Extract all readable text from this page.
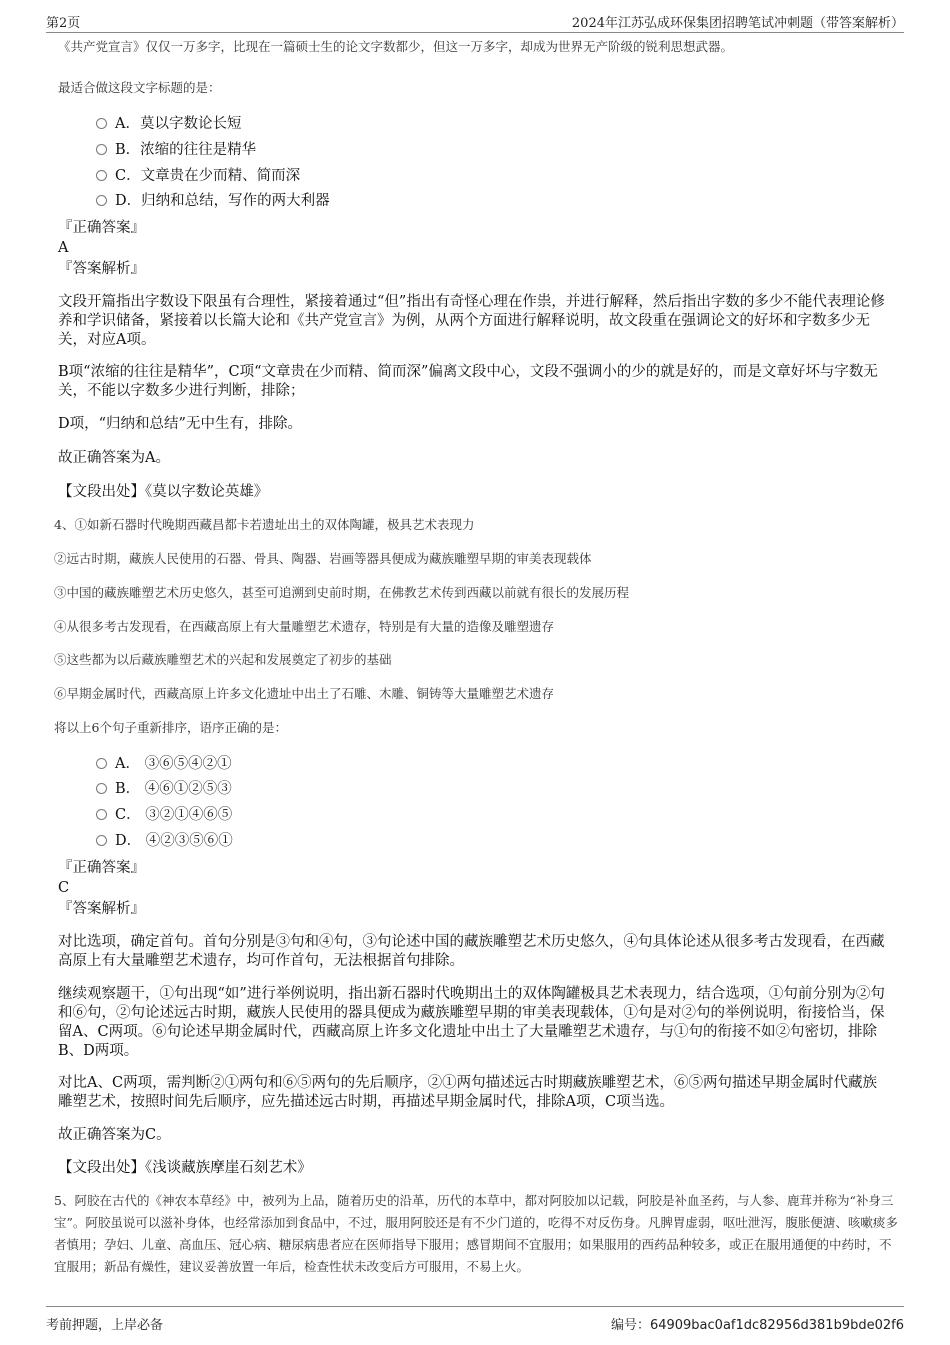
第2页	2024年江苏弘成环保集团招聘笔试冲刺题（带答案解析）
《共产党宣言》仅仅一万多字，比现在一篇硕士生的论文字数都少，但这一万多字，却成为世界无产阶级的锐利思想武器。
最适合做这段文字标题的是：
A．莫以字数论长短
B．浓缩的往往是精华
C．文章贵在少而精、简而深
D．归纳和总结，写作的两大利器
『正确答案』
A
『答案解析』
文段开篇指出字数设下限虽有合理性，紧接着通过“但”指出有奇怪心理在作祟，并进行解释，然后指出字数的多少不能代表理论修养和学识储备，紧接着以长篇大论和《共产党宣言》为例，从两个方面进行解释说明，故文段重在强调论文的好坏和字数多少无关，对应A项。
B项“浓缩的往往是精华”，C项“文章贵在少而精、简而深”偏离文段中心，文段不强调小的少的就是好的，而是文章好坏与字数无关，不能以字数多少进行判断，排除；
D项，“归纳和总结”无中生有，排除。
故正确答案为A。
【文段出处】《莫以字数论英雄》
4、①如新石器时代晚期西藏昌都卡若遗址出土的双体陶罐，极具艺术表现力
②远古时期，藏族人民使用的石器、骨具、陶器、岩画等器具便成为藏族雕塑早期的审美表现载体
③中国的藏族雕塑艺术历史悠久，甚至可追溯到史前时期，在佛教艺术传到西藏以前就有很长的发展历程
④从很多考古发现看，在西藏高原上有大量雕塑艺术遗存，特别是有大量的造像及雕塑遗存
⑤这些都为以后藏族雕塑艺术的兴起和发展奠定了初步的基础
⑥早期金属时代，西藏高原上许多文化遗址中出土了石雕、木雕、铜铸等大量雕塑艺术遗存
将以上6个句子重新排序，语序正确的是：
A． ③⑥⑤④②①
B． ④⑥①②⑤③
C． ③②①④⑥⑤
D． ④②③⑤⑥①
『正确答案』
C
『答案解析』
对比选项，确定首句。首句分别是③句和④句，③句论述中国的藏族雕塑艺术历史悠久，④句具体论述从很多考古发现看，在西藏高原上有大量雕塑艺术遗存，均可作首句，无法根据首句排除。
继续观察题干，①句出现“如”进行举例说明，指出新石器时代晚期出土的双体陶罐极具艺术表现力，结合选项，①句前分别为②句和⑥句，②句论述远古时期，藏族人民使用的器具便成为藏族雕塑早期的审美表现载体，①句是对②句的举例说明，衔接恰当，保留A、C两项。⑥句论述早期金属时代，西藏高原上许多文化遗址中出土了大量雕塑艺术遗存，与①句的衔接不如②句密切，排除B、D两项。
对比A、C两项，需判断②①两句和⑥⑤两句的先后顺序，②①两句描述远古时期藏族雕塑艺术，⑥⑤两句描述早期金属时代藏族雕塑艺术，按照时间先后顺序，应先描述远古时期，再描述早期金属时代，排除A项，C项当选。
故正确答案为C。
【文段出处】《浅谈藏族摩崖石刻艺术》
5、阿胶在古代的《神农本草经》中，被列为上品，随着历史的沿革，历代的本草中，都对阿胶加以记载，阿胶是补血圣药，与人参、鹿茸并称为“补身三宝”。阿胶虽说可以滋补身体，也经常添加到食品中，不过，服用阿胶还是有不少门道的，吃得不对反伤身。凡脾胃虚弱，呕吐泄泻，腹胀便溏、咳嗽痰多者慎用；孕妇、儿童、高血压、冠心病、糖尿病患者应在医师指导下服用；感冒期间不宜服用；如果服用的西药品种较多，或正在服用通便的中药时，不宜服用；新品有燥性，建议妥善放置一年后，检查性状未改变后方可服用，不易上火。
考前押题，上岸必备	编号：64909bac0af1dc82956d381b9bde02f6
